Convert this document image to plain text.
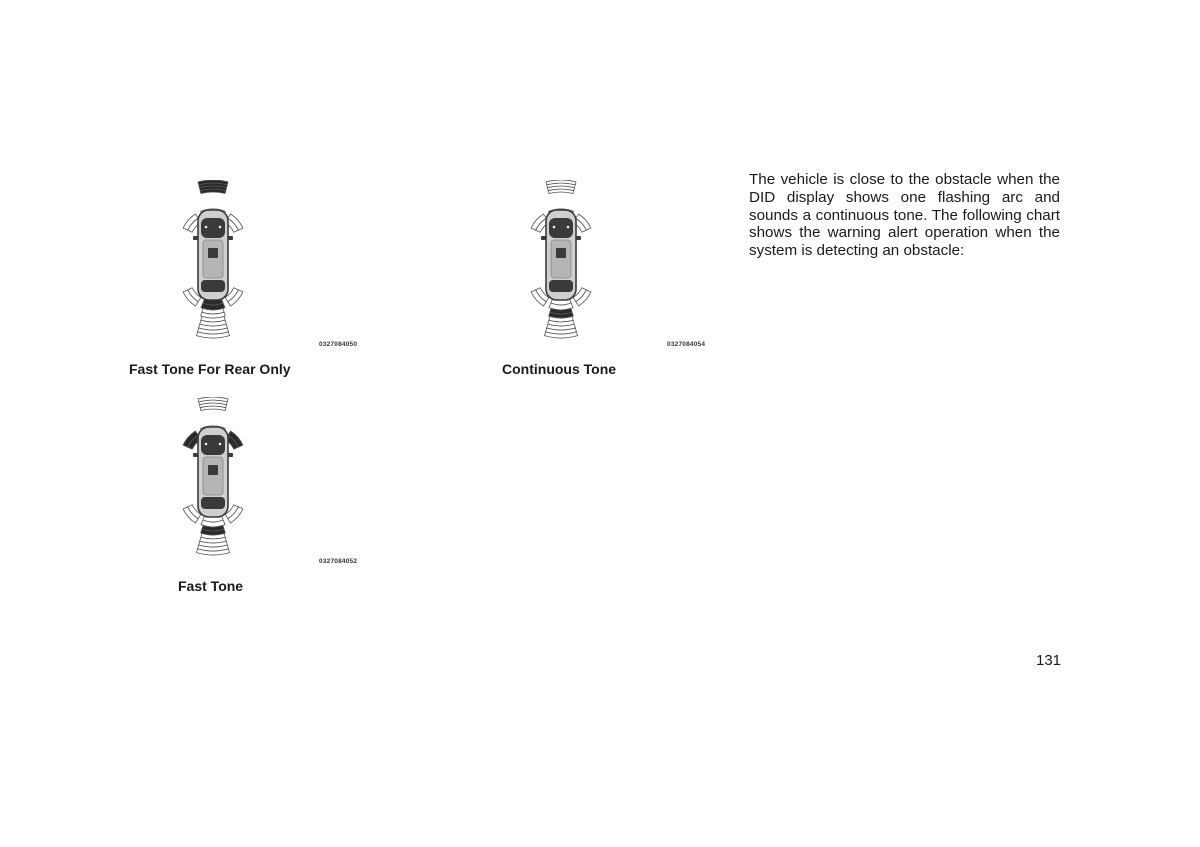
0327084050
Fast Tone For Rear Only
0327084054
Continuous Tone
0327084052
Fast Tone

The vehicle is close to the obstacle when the DID display shows one flashing arc and sounds a continuous tone. The following chart shows the warning alert operation when the system is detecting an obstacle:

131
